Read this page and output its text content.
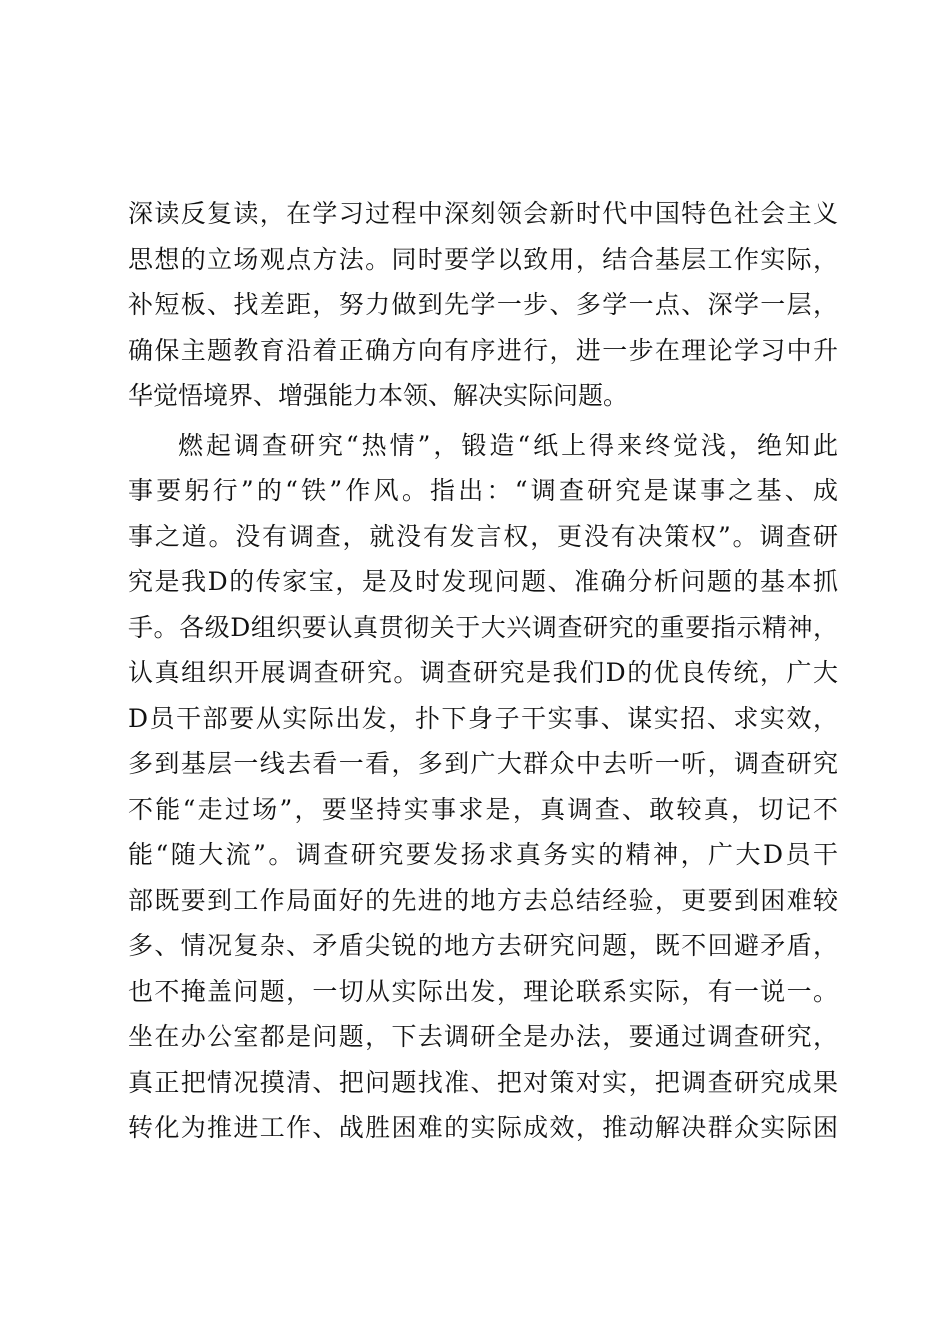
深读反复读，在学习过程中深刻领会新时代中国特色社会主义
思想的立场观点方法。同时要学以致用，结合基层工作实际，
补短板、找差距，努力做到先学一步、多学一点、深学一层，
确保主题教育沿着正确方向有序进行，进一步在理论学习中升
华觉悟境界、增强能力本领、解决实际问题。
燃起调查研究“热情”，锻造“纸上得来终觉浅，绝知此
事要躬行”的“铁”作风。指出：“调查研究是谋事之基、成
事之道。没有调查，就没有发言权，更没有决策权”。调查研
究是我D的传家宝，是及时发现问题、准确分析问题的基本抓
手。各级D组织要认真贯彻关于大兴调查研究的重要指示精神，
认真组织开展调查研究。调查研究是我们D的优良传统，广大
D员干部要从实际出发，扑下身子干实事、谋实招、求实效，
多到基层一线去看一看，多到广大群众中去听一听，调查研究
不能“走过场”，要坚持实事求是，真调查、敢较真，切记不
能“随大流”。调查研究要发扬求真务实的精神，广大D员干
部既要到工作局面好的先进的地方去总结经验，更要到困难较
多、情况复杂、矛盾尖锐的地方去研究问题，既不回避矛盾，
也不掩盖问题，一切从实际出发，理论联系实际，有一说一。
坐在办公室都是问题，下去调研全是办法，要通过调查研究，
真正把情况摸清、把问题找准、把对策对实，把调查研究成果
转化为推进工作、战胜困难的实际成效，推动解决群众实际困
